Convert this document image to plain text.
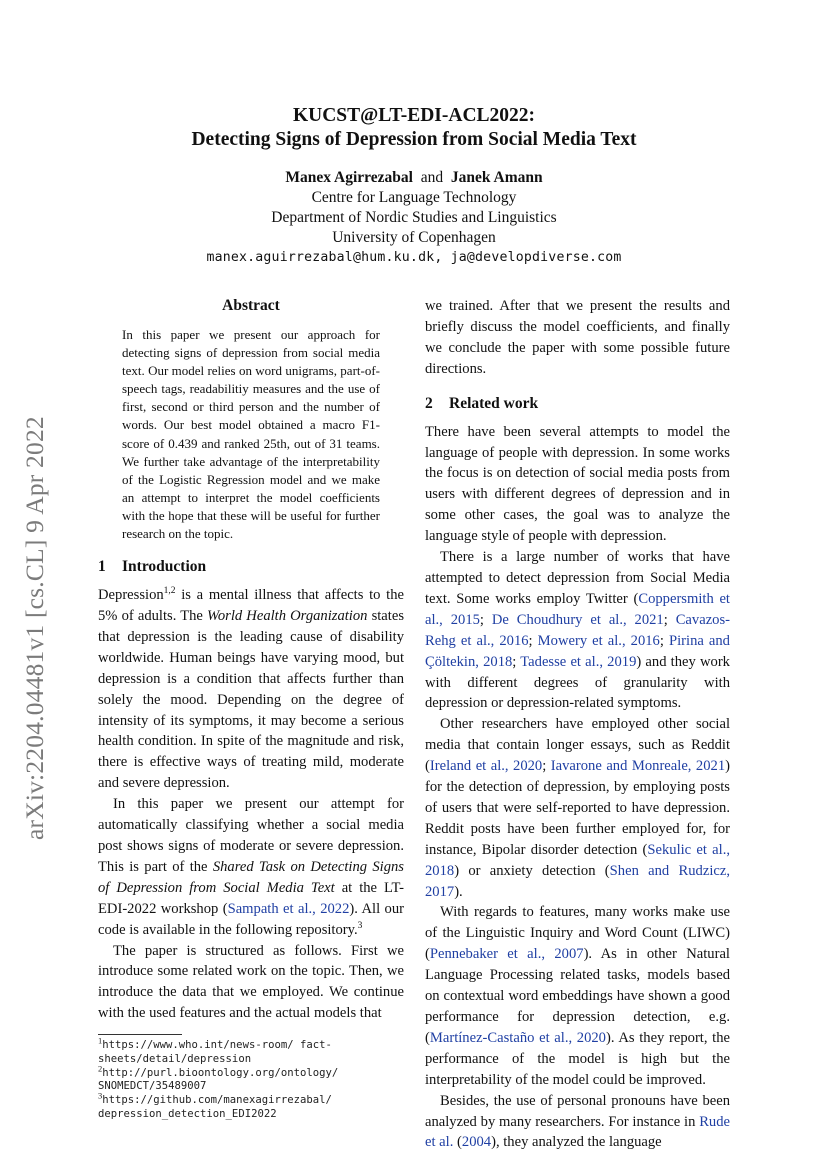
arXiv:2204.04481v1 [cs.CL] 9 Apr 2022
KUCST@LT-EDI-ACL2022:
Detecting Signs of Depression from Social Media Text
Manex Agirrezabal and Janek Amann
Centre for Language Technology
Department of Nordic Studies and Linguistics
University of Copenhagen
manex.aguirrezabal@hum.ku.dk, ja@developdiverse.com
Abstract

In this paper we present our approach for detecting signs of depression from social media text. Our model relies on word unigrams, part-of-speech tags, readabilitiy measures and the use of first, second or third person and the number of words. Our best model obtained a macro F1-score of 0.439 and ranked 25th, out of 31 teams. We further take advantage of the interpretability of the Logistic Regression model and we make an attempt to interpret the model coefficients with the hope that these will be useful for further research on the topic.

1 Introduction

Depression$^{1,2}$ is a mental illness that affects to the 5% of adults. The World Health Organization states that depression is the leading cause of disability worldwide. Human beings have varying mood, but depression is a condition that affects further than solely the mood. Depending on the degree of intensity of its symptoms, it may become a serious health condition. In spite of the magnitude and risk, there is effective ways of treating mild, moderate and severe depression.

In this paper we present our attempt for automatically classifying whether a social media post shows signs of moderate or severe depression. This is part of the Shared Task on Detecting Signs of Depression from Social Media Text at the LT-EDI-2022 workshop (Sampath et al., 2022). All our code is available in the following repository.$^3$

The paper is structured as follows. First we introduce some related work on the topic. Then, we introduce the data that we employed. We continue with the used features and the actual models that

$^1$https://www.who.int/news-room/ fact-sheets/detail/depression
$^2$http://purl.bioontology.org/ontology/ SNOMEDCT/35489007
$^3$https://github.com/manexagirrezabal/ depression_detection_EDI2022

we trained. After that we present the results and briefly discuss the model coefficients, and finally we conclude the paper with some possible future directions.

2 Related work

There have been several attempts to model the language of people with depression. In some works the focus is on detection of social media posts from users with different degrees of depression and in some other cases, the goal was to analyze the language style of people with depression.

There is a large number of works that have attempted to detect depression from Social Media text. Some works employ Twitter (Coppersmith et al., 2015; De Choudhury et al., 2021; Cavazos-Rehg et al., 2016; Mowery et al., 2016; Pirina and Çöltekin, 2018; Tadesse et al., 2019) and they work with different degrees of granularity with depression or depression-related symptoms.

Other researchers have employed other social media that contain longer essays, such as Reddit (Ireland et al., 2020; Iavarone and Monreale, 2021) for the detection of depression, by employing posts of users that were self-reported to have depression. Reddit posts have been further employed for, for instance, Bipolar disorder detection (Sekulic et al., 2018) or anxiety detection (Shen and Rudzicz, 2017).

With regards to features, many works make use of the Linguistic Inquiry and Word Count (LIWC) (Pennebaker et al., 2007). As in other Natural Language Processing related tasks, models based on contextual word embeddings have shown a good performance for depression detection, e.g. (Martínez-Castaño et al., 2020). As they report, the performance of the model is high but the interpretability of the model could be improved.

Besides, the use of personal pronouns have been analyzed by many researchers. For instance in Rude et al. (2004), they analyzed the language
